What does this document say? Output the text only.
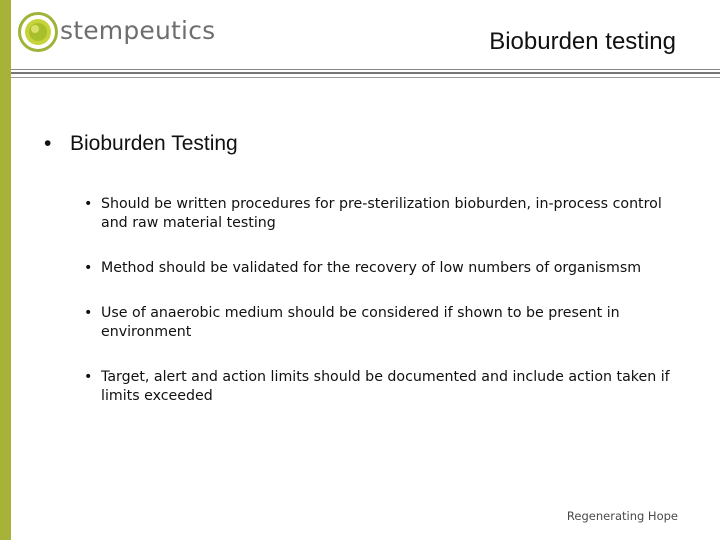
stempeutics	Bioburden testing
• Bioburden Testing
• Should be written procedures for pre-sterilization bioburden, in-process control and raw material testing
• Method should be validated for the recovery of low numbers of organismsm
• Use of anaerobic medium should be considered if shown to be present in environment
• Target, alert and action limits should be documented and include action taken if limits exceeded
Regenerating Hope
